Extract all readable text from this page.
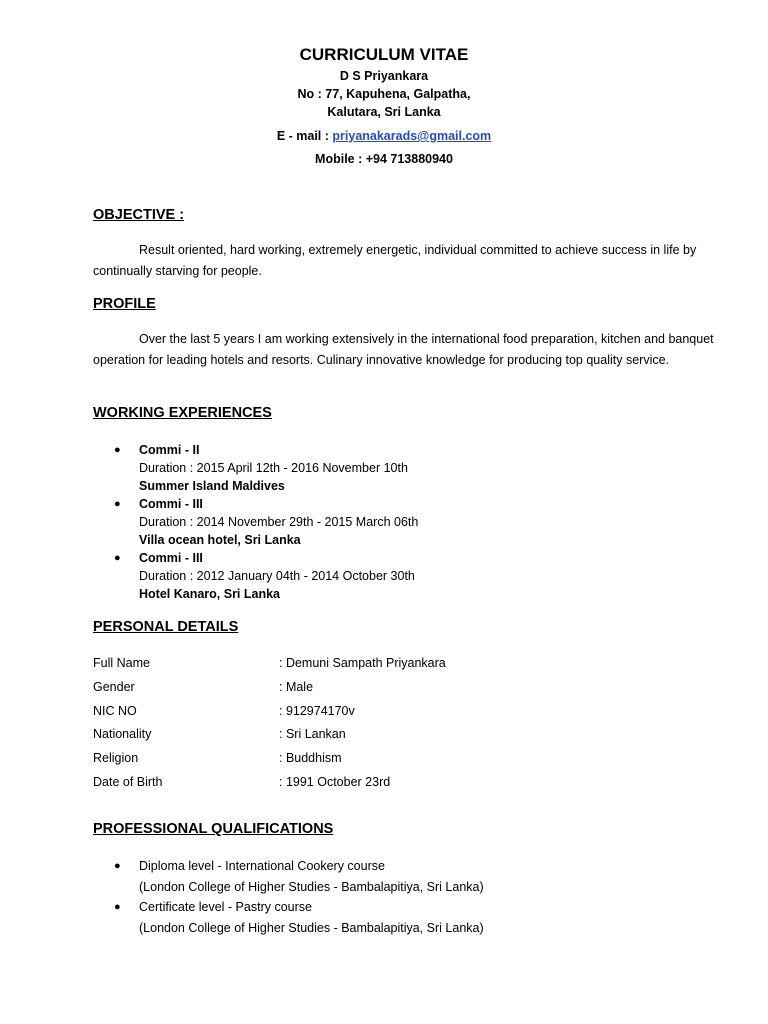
CURRICULUM VITAE
D S Priyankara
No : 77, Kapuhena, Galpatha,
Kalutara, Sri Lanka
E - mail : priyanakarads@gmail.com
Mobile : +94 713880940
OBJECTIVE :
Result oriented, hard working, extremely energetic, individual committed to achieve success in life by continually starving for people.
PROFILE
Over the last 5 years I am working extensively in the international food preparation, kitchen and banquet operation for leading hotels and resorts. Culinary innovative knowledge for producing top quality service.
WORKING EXPERIENCES
● Commi - II
Duration : 2015 April 12th - 2016 November 10th
Summer Island Maldives
● Commi - III
Duration : 2014 November 29th - 2015 March 06th
Villa ocean hotel, Sri Lanka
● Commi - III
Duration : 2012 January 04th - 2014 October 30th
Hotel Kanaro, Sri Lanka
PERSONAL DETAILS
Full Name	: Demuni Sampath Priyankara
Gender	: Male
NIC NO	: 912974170v
Nationality	: Sri Lankan
Religion	: Buddhism
Date of Birth	: 1991 October 23rd
PROFESSIONAL QUALIFICATIONS
● Diploma level - International Cookery course
(London College of Higher Studies - Bambalapitiya, Sri Lanka)
● Certificate level - Pastry course
(London College of Higher Studies - Bambalapitiya, Sri Lanka)
